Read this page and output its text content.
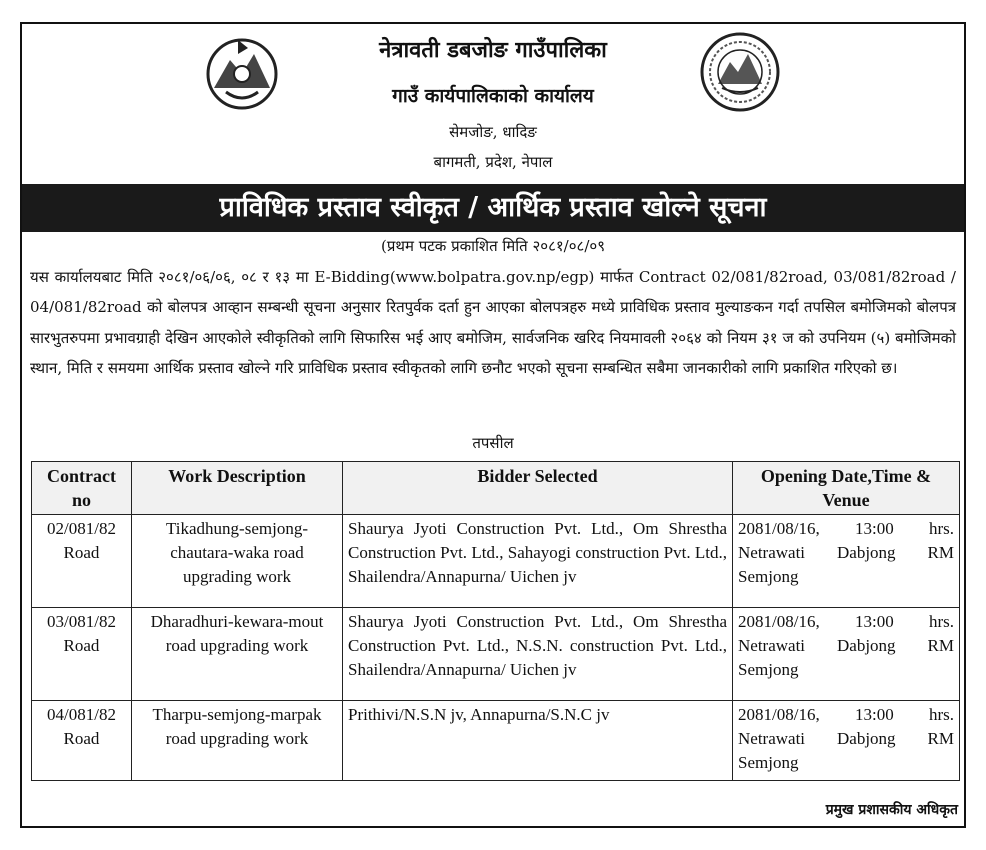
नेत्रावती डबजोङ गाउँपालिका
गाउँ कार्यपालिकाको कार्यालय
सेमजोङ, धादिङ
बागमती, प्रदेश, नेपाल
प्राविधिक प्रस्ताव स्वीकृत / आर्थिक प्रस्ताव खोल्ने सूचना
(प्रथम पटक प्रकाशित मिति २०८१/०८/०९
यस कार्यालयबाट मिति २०८१/०६/०६, ०८ र १३ मा E-Bidding(www.bolpatra.gov.np/egp) मार्फत Contract 02/081/82road, 03/081/82road / 04/081/82road को बोलपत्र आव्हान सम्बन्धी सूचना अनुसार रितपुर्वक दर्ता हुन आएका बोलपत्रहरु मध्ये प्राविधिक प्रस्ताव मुल्याङकन गर्दा तपसिल बमोजिमको बोलपत्र सारभुतरुपमा प्रभावग्राही देखिन आएकोले स्वीकृतिको लागि सिफारिस भई आए बमोजिम, सार्वजनिक खरिद नियमावली २०६४ को नियम ३१ ज को उपनियम (५) बमोजिमको स्थान, मिति र समयमा आर्थिक प्रस्ताव खोल्ने गरि प्राविधिक प्रस्ताव स्वीकृतको लागि छनौट भएको सूचना सम्बन्धित सबैमा जानकारीको लागि प्रकाशित गरिएको छ।
तपसील
Contract no	Work Description	Bidder Selected	Opening Date,Time & Venue
02/081/82 Road	Tikadhung-semjong-chautara-waka road upgrading work	Shaurya Jyoti Construction Pvt. Ltd., Om Shrestha Construction Pvt. Ltd., Sahayogi construction Pvt. Ltd., Shailendra/Annapurna/ Uichen jv	2081/08/16, 13:00 hrs. Netrawati Dabjong RM Semjong
03/081/82 Road	Dharadhuri-kewara-mout road upgrading work	Shaurya Jyoti Construction Pvt. Ltd., Om Shrestha Construction Pvt. Ltd., N.S.N. construction Pvt. Ltd., Shailendra/Annapurna/ Uichen jv	2081/08/16, 13:00 hrs. Netrawati Dabjong RM Semjong
04/081/82 Road	Tharpu-semjong-marpak road upgrading work	Prithivi/N.S.N jv, Annapurna/S.N.C jv	2081/08/16, 13:00 hrs. Netrawati Dabjong RM Semjong
प्रमुख प्रशासकीय अधिकृत
